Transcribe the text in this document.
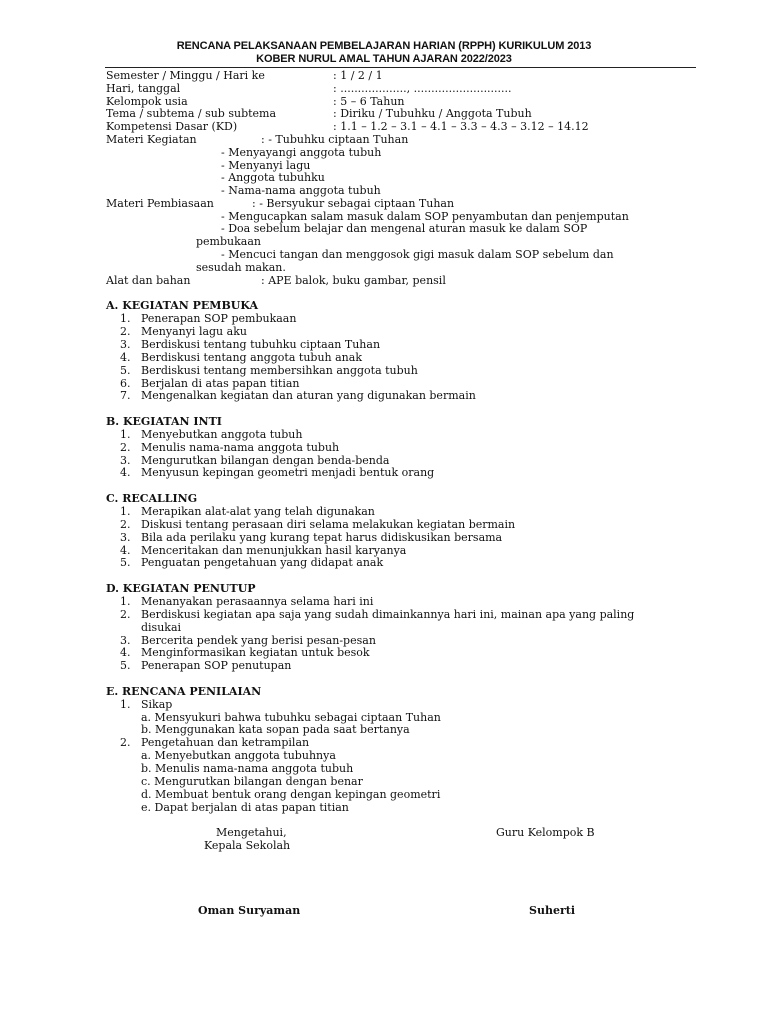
RENCANA PELAKSANAAN PEMBELAJARAN HARIAN (RPPH) KURIKULUM 2013
KOBER NURUL AMAL TAHUN AJARAN 2022/2023
Semester / Minggu / Hari ke	: 1 / 2 / 1
Hari, tanggal	: ..................., ............................
Kelompok usia	: 5 – 6 Tahun
Tema / subtema / sub subtema	: Diriku / Tubuhku / Anggota Tubuh
Kompetensi Dasar (KD)	: 1.1 – 1.2 – 3.1 – 4.1 – 3.3 – 4.3 – 3.12 – 14.12
Materi Kegiatan	: - Tubuhku ciptaan Tuhan
- Menyayangi anggota tubuh
- Menyanyi lagu
- Anggota tubuhku
- Nama-nama anggota tubuh
Materi Pembiasaan	: - Bersyukur sebagai ciptaan Tuhan
- Mengucapkan salam masuk dalam SOP penyambutan dan penjemputan
- Doa sebelum belajar dan mengenal aturan masuk ke dalam SOP
pembukaan
- Mencuci tangan dan menggosok gigi masuk dalam SOP sebelum dan
sesudah makan.
Alat dan bahan	: APE balok, buku gambar, pensil
A. KEGIATAN PEMBUKA
1. Penerapan SOP pembukaan
2. Menyanyi lagu aku
3. Berdiskusi tentang tubuhku ciptaan Tuhan
4. Berdiskusi tentang anggota tubuh anak
5. Berdiskusi tentang membersihkan anggota tubuh
6. Berjalan di atas papan titian
7. Mengenalkan kegiatan dan aturan yang digunakan bermain
B. KEGIATAN INTI
1. Menyebutkan anggota tubuh
2. Menulis nama-nama anggota tubuh
3. Mengurutkan bilangan dengan benda-benda
4. Menyusun kepingan geometri menjadi bentuk orang
C. RECALLING
1. Merapikan alat-alat yang telah digunakan
2. Diskusi tentang perasaan diri selama melakukan kegiatan bermain
3. Bila ada perilaku yang kurang tepat harus didiskusikan bersama
4. Menceritakan dan menunjukkan hasil karyanya
5. Penguatan pengetahuan yang didapat anak
D. KEGIATAN PENUTUP
1. Menanyakan perasaannya selama hari ini
2. Berdiskusi kegiatan apa saja yang sudah dimainkannya hari ini, mainan apa yang paling
disukai
3. Bercerita pendek yang berisi pesan-pesan
4. Menginformasikan kegiatan untuk besok
5. Penerapan SOP penutupan
E. RENCANA PENILAIAN
1. Sikap
a. Mensyukuri bahwa tubuhku sebagai ciptaan Tuhan
b. Menggunakan kata sopan pada saat bertanya
2. Pengetahuan dan ketrampilan
a. Menyebutkan anggota tubuhnya
b. Menulis nama-nama anggota tubuh
c. Mengurutkan bilangan dengan benar
d. Membuat bentuk orang dengan kepingan geometri
e. Dapat berjalan di atas papan titian
Mengetahui,
Kepala Sekolah
Guru Kelompok B
Oman Suryaman	Suherti
